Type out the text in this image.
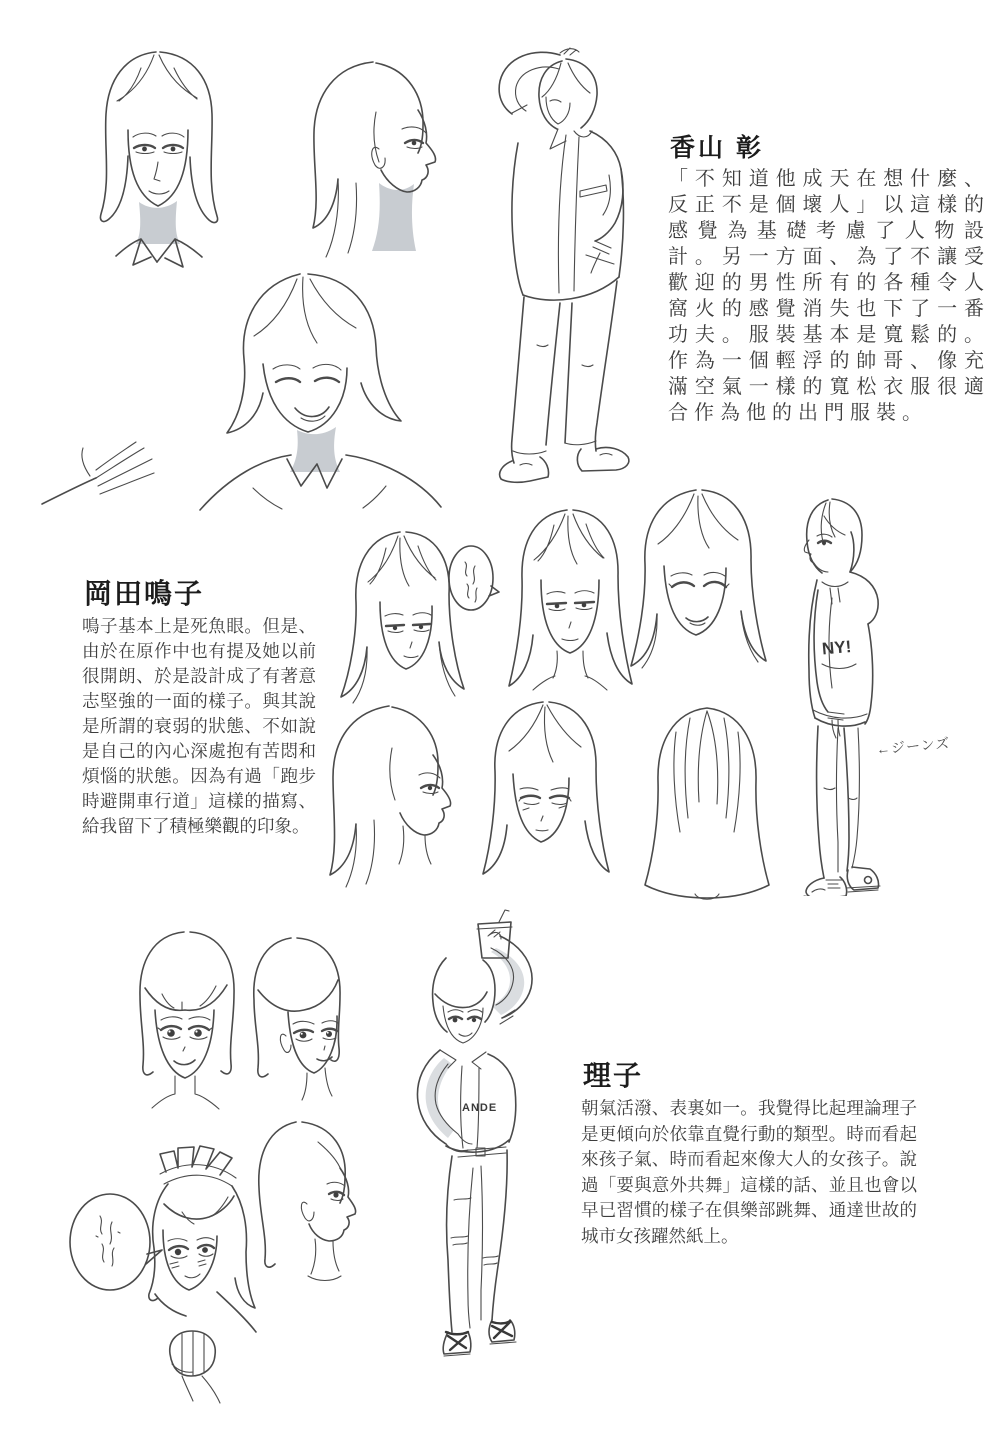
香山 彰

「不知道他成天在想什麼、反正不是個壞人」以這樣的感覺為基礎考慮了人物設計。另一方面、為了不讓受歡迎的男性所有的各種令人窩火的感覺消失也下了一番功夫。服裝基本是寬鬆的。作為一個輕浮的帥哥、像充滿空氣一樣的寬松衣服很適合作為他的出門服裝。

岡田鳴子

鳴子基本上是死魚眼。但是、由於在原作中也有提及她以前很開朗、於是設計成了有著意志堅強的一面的樣子。與其說是所謂的衰弱的狀態、不如說是自己的內心深處抱有苦悶和煩惱的狀態。因為有過「跑步時避開車行道」這樣的描寫、給我留下了積極樂觀的印象。

理子

朝氣活潑、表裏如一。我覺得比起理論理子是更傾向於依靠直覺行動的類型。時而看起來孩子氣、時而看起來像大人的女孩子。說過「要與意外共舞」這樣的話、並且也會以早已習慣的樣子在俱樂部跳舞、通達世故的城市女孩躍然紙上。

←ジーンズ
NY!
ANDE
